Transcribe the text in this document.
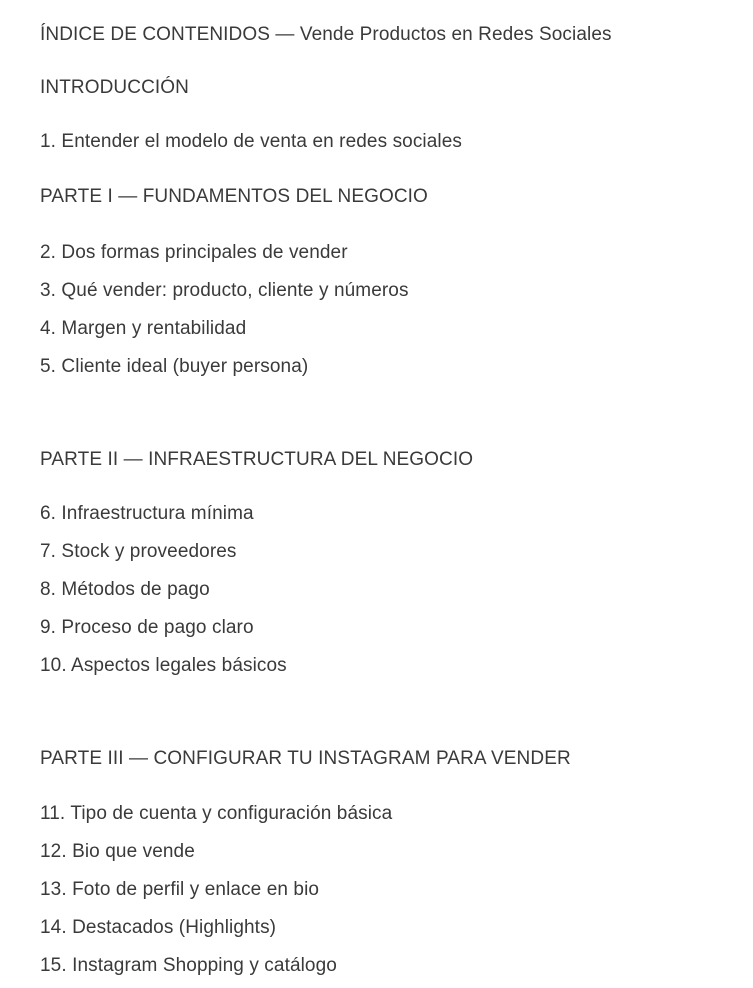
ÍNDICE DE CONTENIDOS — Vende Productos en Redes Sociales

INTRODUCCIÓN

1. Entender el modelo de venta en redes sociales

PARTE I — FUNDAMENTOS DEL NEGOCIO

2. Dos formas principales de vender

3. Qué vender: producto, cliente y números

4. Margen y rentabilidad

5. Cliente ideal (buyer persona)

PARTE II — INFRAESTRUCTURA DEL NEGOCIO

6. Infraestructura mínima

7. Stock y proveedores

8. Métodos de pago

9. Proceso de pago claro

10. Aspectos legales básicos

PARTE III — CONFIGURAR TU INSTAGRAM PARA VENDER

11. Tipo de cuenta y configuración básica

12. Bio que vende

13. Foto de perfil y enlace en bio

14. Destacados (Highlights)

15. Instagram Shopping y catálogo
